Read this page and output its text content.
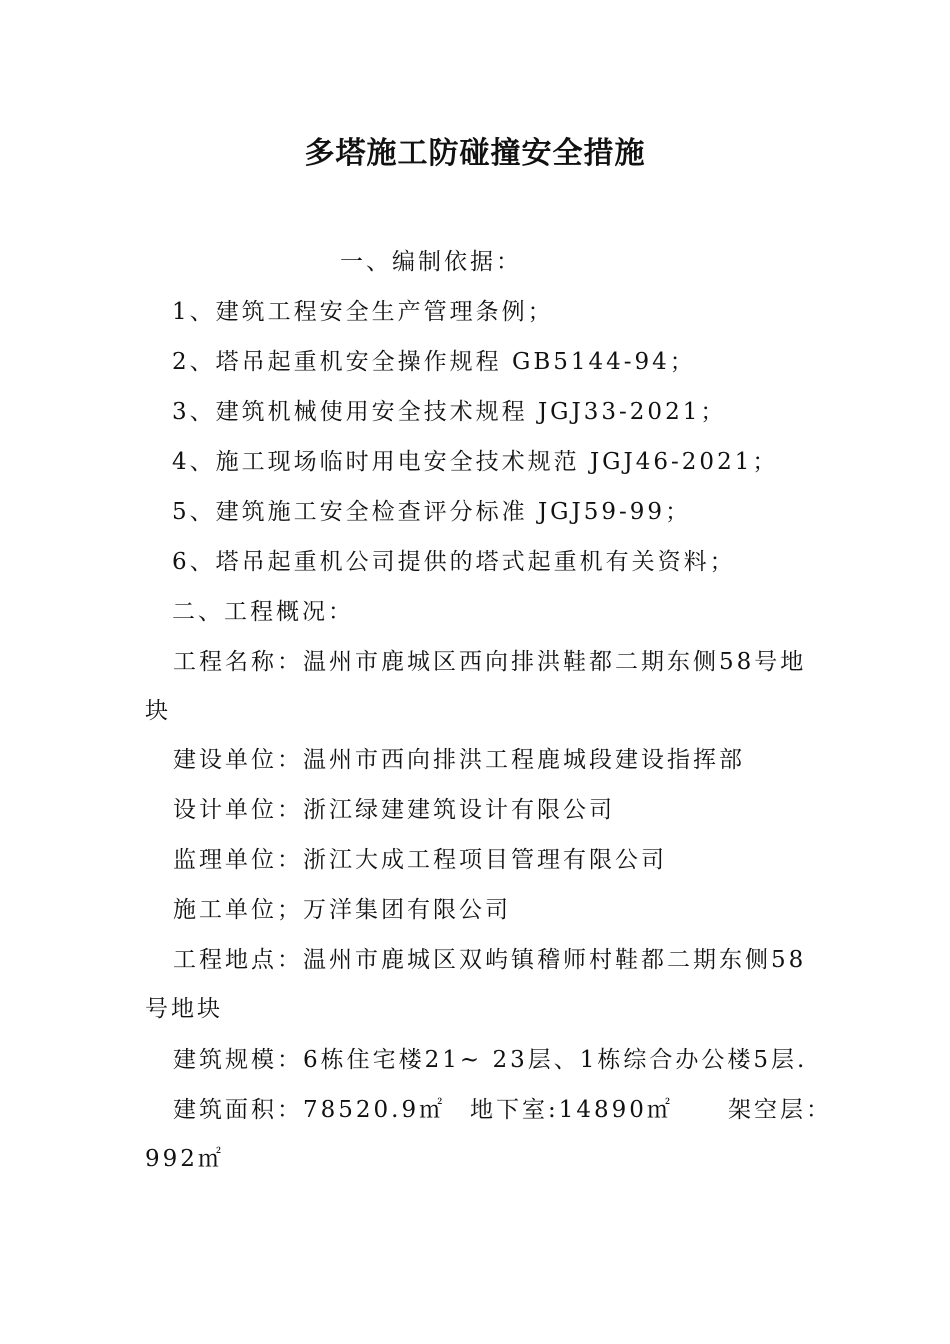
多塔施工防碰撞安全措施
一、编制依据：
1、建筑工程安全生产管理条例；
2、塔吊起重机安全操作规程 GB5144-94；
3、建筑机械使用安全技术规程 JGJ33-2021；
4、施工现场临时用电安全技术规范 JGJ46-2021；
5、建筑施工安全检查评分标准 JGJ59-99；
6、塔吊起重机公司提供的塔式起重机有关资料；
二、工程概况：
工程名称：温州市鹿城区西向排洪鞋都二期东侧58号地
块
建设单位：温州市西向排洪工程鹿城段建设指挥部
设计单位：浙江绿建建筑设计有限公司
监理单位：浙江大成工程项目管理有限公司
施工单位；万洋集团有限公司
工程地点：温州市鹿城区双屿镇稽师村鞋都二期东侧58
号地块
建筑规模：6栋住宅楼21~ 23层、1栋综合办公楼5层.
建筑面积：78520.9㎡ 地下室:14890㎡ 架空层：
992㎡
